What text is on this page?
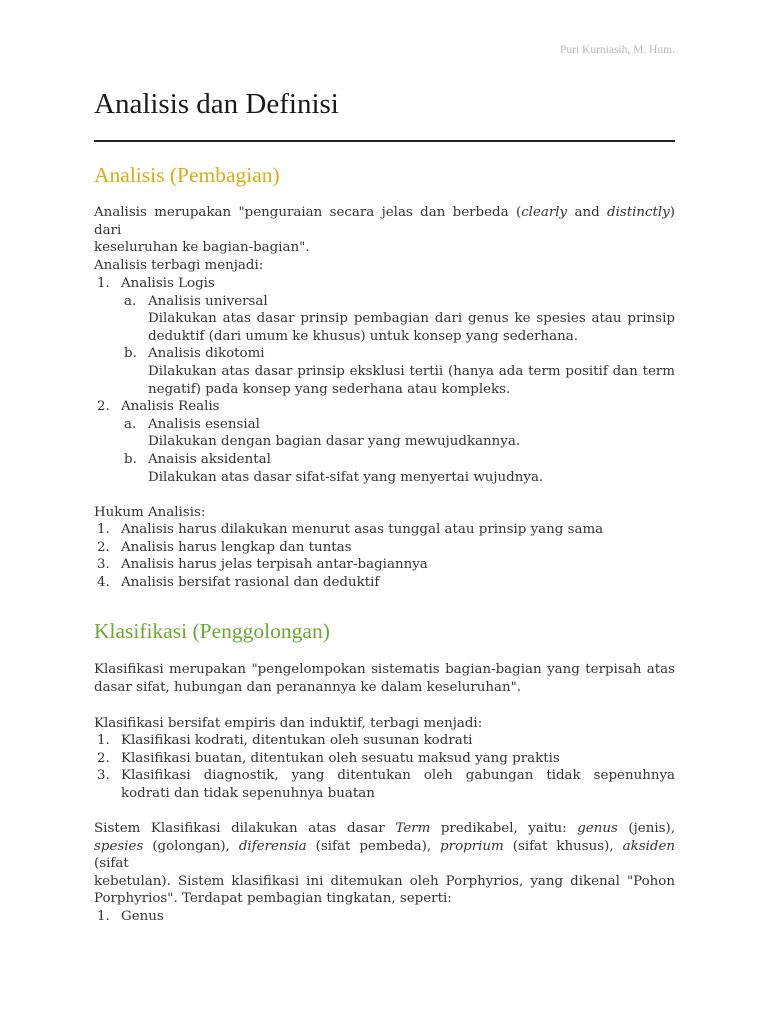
Puri Kurniasih, M. Hum.
Analisis dan Definisi
Analisis (Pembagian)
Analisis merupakan "penguraian secara jelas dan berbeda (clearly and distinctly) dari
keseluruhan ke bagian-bagian".
Analisis terbagi menjadi:
1. Analisis Logis
a. Analisis universal
Dilakukan atas dasar prinsip pembagian dari genus ke spesies atau prinsip
deduktif (dari umum ke khusus) untuk konsep yang sederhana.
b. Analisis dikotomi
Dilakukan atas dasar prinsip eksklusi tertii (hanya ada term positif dan term
negatif) pada konsep yang sederhana atau kompleks.
2. Analisis Realis
a. Analisis esensial
Dilakukan dengan bagian dasar yang mewujudkannya.
b. Anaisis aksidental
Dilakukan atas dasar sifat-sifat yang menyertai wujudnya.
Hukum Analisis:
1. Analisis harus dilakukan menurut asas tunggal atau prinsip yang sama
2. Analisis harus lengkap dan tuntas
3. Analisis harus jelas terpisah antar-bagiannya
4. Analisis bersifat rasional dan deduktif
Klasifikasi (Penggolongan)
Klasifikasi merupakan "pengelompokan sistematis bagian-bagian yang terpisah atas
dasar sifat, hubungan dan peranannya ke dalam keseluruhan".
Klasifikasi bersifat empiris dan induktif, terbagi menjadi:
1. Klasifikasi kodrati, ditentukan oleh susunan kodrati
2. Klasifikasi buatan, ditentukan oleh sesuatu maksud yang praktis
3. Klasifikasi diagnostik, yang ditentukan oleh gabungan tidak sepenuhnya
kodrati dan tidak sepenuhnya buatan
Sistem Klasifikasi dilakukan atas dasar Term predikabel, yaitu: genus (jenis),
spesies (golongan), diferensia (sifat pembeda), proprium (sifat khusus), aksiden (sifat
kebetulan). Sistem klasifikasi ini ditemukan oleh Porphyrios, yang dikenal "Pohon
Porphyrios". Terdapat pembagian tingkatan, seperti:
1. Genus
